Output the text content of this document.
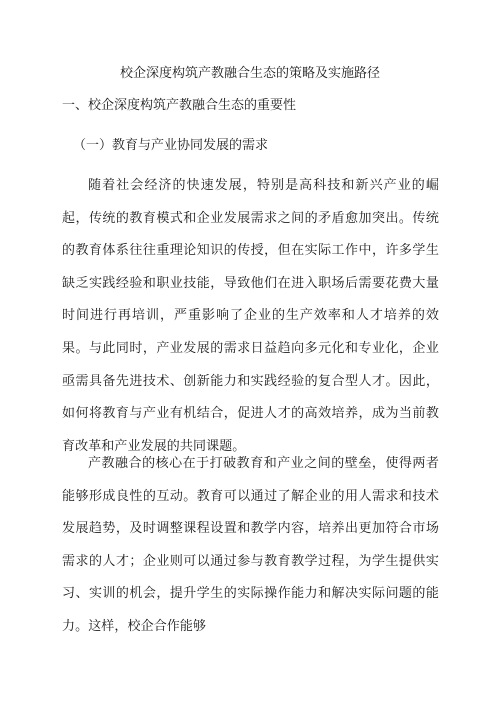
校企深度构筑产教融合生态的策略及实施路径
一、校企深度构筑产教融合生态的重要性
（一）教育与产业协同发展的需求

随着社会经济的快速发展，特别是高科技和新兴产业的崛起，传统的教育模式和企业发展需求之间的矛盾愈加突出。传统的教育体系往往重理论知识的传授，但在实际工作中，许多学生缺乏实践经验和职业技能，导致他们在进入职场后需要花费大量时间进行再培训，严重影响了企业的生产效率和人才培养的效果。与此同时，产业发展的需求日益趋向多元化和专业化，企业亟需具备先进技术、创新能力和实践经验的复合型人才。因此，如何将教育与产业有机结合，促进人才的高效培养，成为当前教育改革和产业发展的共同课题。

产教融合的核心在于打破教育和产业之间的壁垒，使得两者能够形成良性的互动。教育可以通过了解企业的用人需求和技术发展趋势，及时调整课程设置和教学内容，培养出更加符合市场需求的人才；企业则可以通过参与教育教学过程，为学生提供实习、实训的机会，提升学生的实际操作能力和解决实际问题的能力。这样，校企合作能够
